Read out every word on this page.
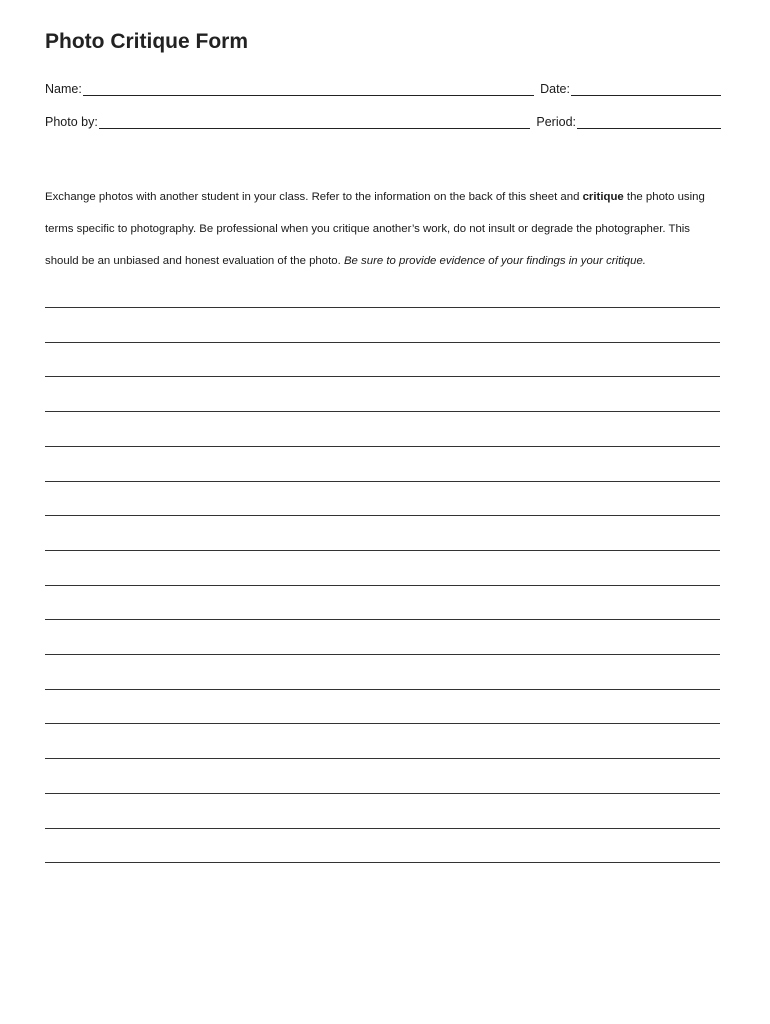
Photo Critique Form
Name:	Date:
Photo by:	Period:

Exchange photos with another student in your class. Refer to the information on the back of this sheet and critique the photo using terms specific to photography. Be professional when you critique another’s work, do not insult or degrade the photographer. This should be an unbiased and honest evaluation of the photo. Be sure to provide evidence of your findings in your critique.
